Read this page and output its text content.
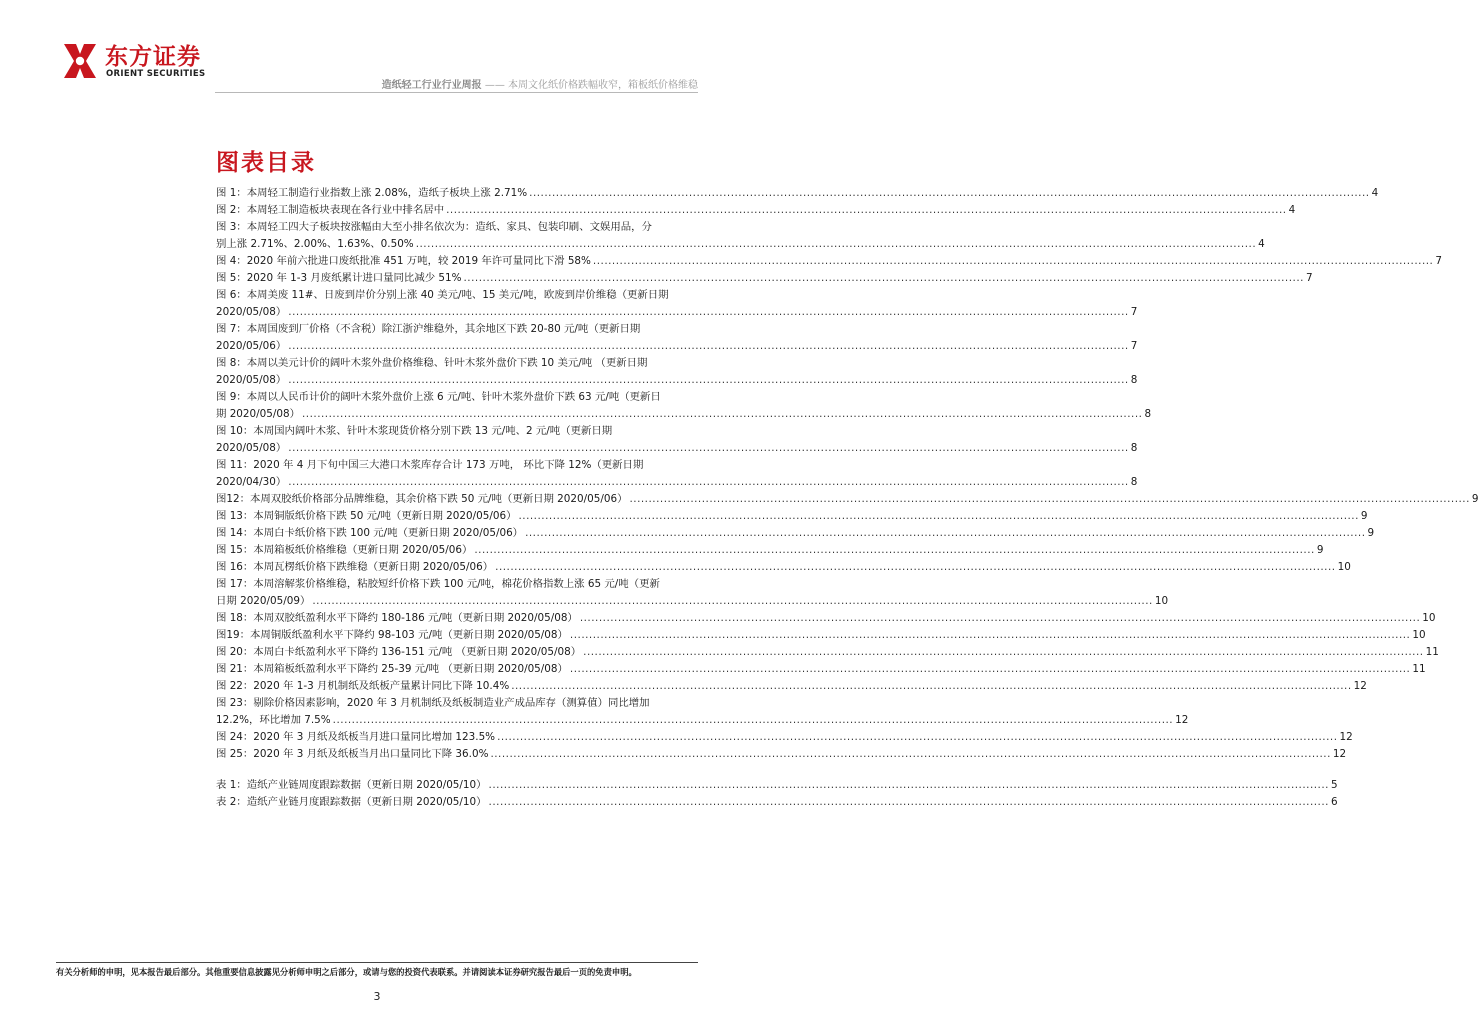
东方证券
ORIENT SECURITIES
造纸轻工行业行业周报 —— 本周文化纸价格跌幅收窄，箱板纸价格维稳
图表目录
图 1：本周轻工制造行业指数上涨 2.08%，造纸子板块上涨 2.71% .....	4
图 2：本周轻工制造板块表现在各行业中排名居中 .....	4
图 3：本周轻工四大子板块按涨幅由大至小排名依次为：造纸、家具、包装印刷、文娱用品，分
别上涨 2.71%、2.00%、1.63%、0.50% .....	4
图 4：2020 年前六批进口废纸批准 451 万吨，较 2019 年许可量同比下滑 58% .....	7
图 5：2020 年 1-3 月废纸累计进口量同比减少 51% .....	7
图 6：本周美废 11#、日废到岸价分别上涨 40 美元/吨、15 美元/吨，欧废到岸价维稳（更新日期
2020/05/08） .....	7
图 7：本周国废到厂价格（不含税）除江浙沪维稳外，其余地区下跌 20-80 元/吨（更新日期
2020/05/06） .....	7
图 8：本周以美元计价的阔叶木浆外盘价格维稳、针叶木浆外盘价下跌 10 美元/吨 （更新日期
2020/05/08） .....	8
图 9：本周以人民币计价的阔叶木浆外盘价上涨 6 元/吨、针叶木浆外盘价下跌 63 元/吨（更新日
期 2020/05/08） .....	8
图 10：本周国内阔叶木浆、针叶木浆现货价格分别下跌 13 元/吨、2 元/吨（更新日期
2020/05/08） .....	8
图 11：2020 年 4 月下旬中国三大港口木浆库存合计 173 万吨， 环比下降 12%（更新日期
2020/04/30） .....	8
图12：本周双胶纸价格部分品牌维稳，其余价格下跌 50 元/吨（更新日期 2020/05/06） .....	9
图 13：本周铜版纸价格下跌 50 元/吨（更新日期 2020/05/06） .....	9
图 14：本周白卡纸价格下跌 100 元/吨（更新日期 2020/05/06） .....	9
图 15：本周箱板纸价格维稳（更新日期 2020/05/06） .....	9
图 16：本周瓦楞纸价格下跌维稳（更新日期 2020/05/06） .....	10
图 17：本周溶解浆价格维稳，粘胶短纤价格下跌 100 元/吨，棉花价格指数上涨 65 元/吨（更新
日期 2020/05/09） .....	10
图 18：本周双胶纸盈利水平下降约 180-186 元/吨（更新日期 2020/05/08） .....	10
图19：本周铜版纸盈利水平下降约 98-103 元/吨（更新日期 2020/05/08） .....	10
图 20：本周白卡纸盈利水平下降约 136-151 元/吨 （更新日期 2020/05/08） .....	11
图 21：本周箱板纸盈利水平下降约 25-39 元/吨 （更新日期 2020/05/08） .....	11
图 22：2020 年 1-3 月机制纸及纸板产量累计同比下降 10.4% .....	12
图 23：剔除价格因素影响，2020 年 3 月机制纸及纸板制造业产成品库存（测算值）同比增加
12.2%，环比增加 7.5% .....	12
图 24：2020 年 3 月纸及纸板当月进口量同比增加 123.5% .....	12
图 25：2020 年 3 月纸及纸板当月出口量同比下降 36.0% .....	12
表 1：造纸产业链周度跟踪数据（更新日期 2020/05/10） .....	5
表 2：造纸产业链月度跟踪数据（更新日期 2020/05/10） .....	6
有关分析师的申明，见本报告最后部分。其他重要信息披露见分析师申明之后部分，或请与您的投资代表联系。并请阅读本证券研究报告最后一页的免责申明。
3
